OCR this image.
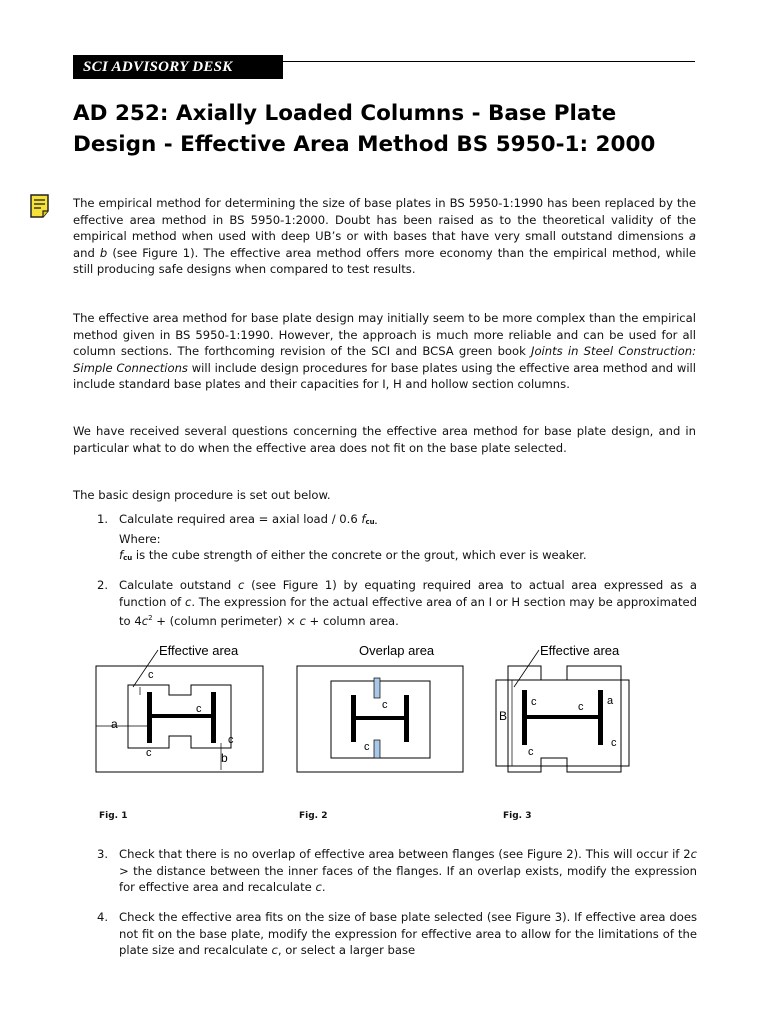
SCI ADVISORY DESK
AD 252: Axially Loaded Columns - Base Plate
Design - Effective Area Method BS 5950-1: 2000
The empirical method for determining the size of base plates in BS 5950-1:1990 has been replaced by the effective area method in BS 5950-1:2000. Doubt has been raised as to the theoretical validity of the empirical method when used with deep UB’s or with bases that have very small outstand dimensions a and b (see Figure 1). The effective area method offers more economy than the empirical method, while still producing safe designs when compared to test results.
The effective area method for base plate design may initially seem to be more complex than the empirical method given in BS 5950-1:1990. However, the approach is much more reliable and can be used for all column sections. The forthcoming revision of the SCI and BCSA green book Joints in Steel Construction: Simple Connections will include design procedures for base plates using the effective area method and will include standard base plates and their capacities for I, H and hollow section columns.
We have received several questions concerning the effective area method for base plate design, and in particular what to do when the effective area does not fit on the base plate selected.
The basic design procedure is set out below.
1. Calculate required area = axial load / 0.6 $f_{cu.}$
Where:
$f_{cu}$ is the cube strength of either the concrete or the grout, which ever is weaker.
2. Calculate outstand c (see Figure 1) by equating required area to actual area expressed as a function of c. The expression for the actual effective area of an I or H section may be approximated to $4c^2$ + (column perimeter) × c + column area.
Effective area
c
c
a
c
c
b
Overlap area
c
c
Effective area
c	c
B
a
c
c
Fig. 1	Fig. 2	Fig. 3
3. Check that there is no overlap of effective area between flanges (see Figure 2). This will occur if 2c > the distance between the inner faces of the flanges. If an overlap exists, modify the expression for effective area and recalculate c.
4. Check the effective area fits on the size of base plate selected (see Figure 3). If effective area does not fit on the base plate, modify the expression for effective area to allow for the limitations of the plate size and recalculate c, or select a larger base
